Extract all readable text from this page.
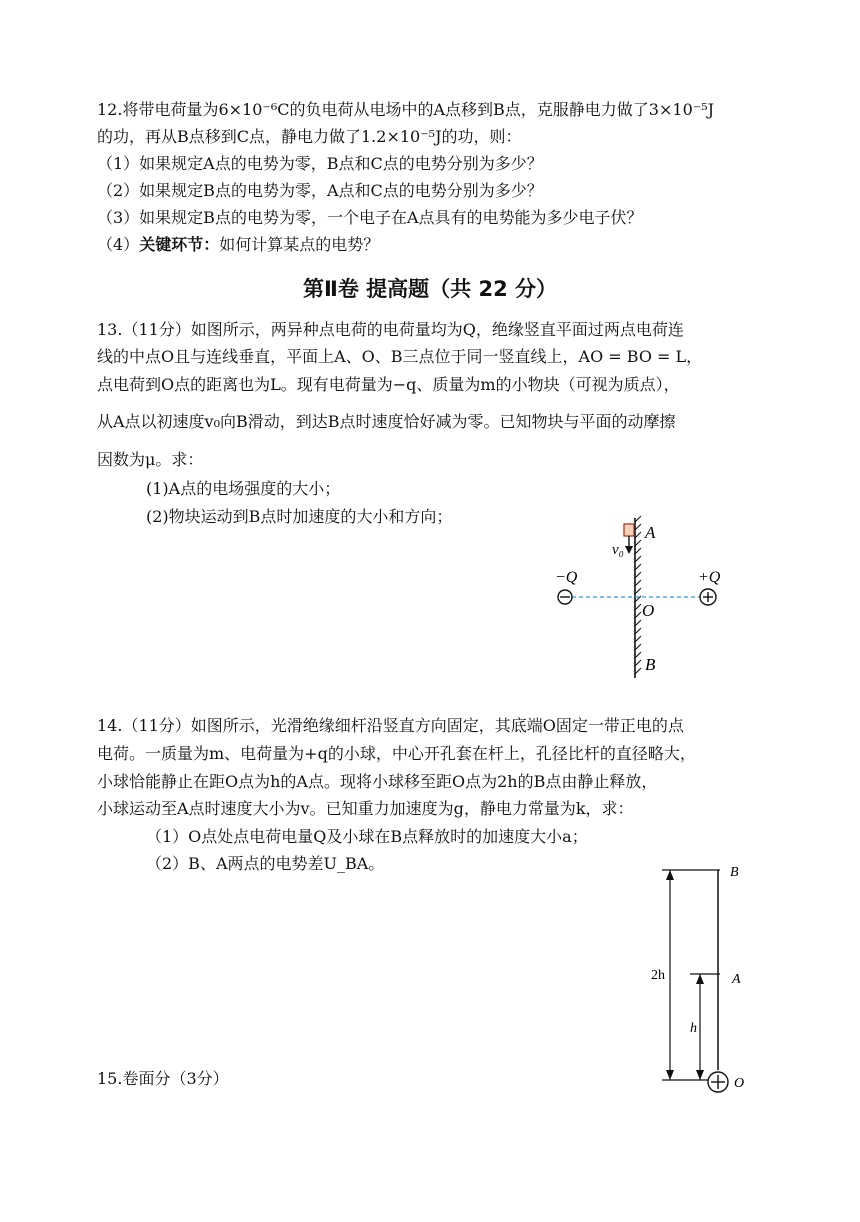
12.将带电荷量为6×10⁻⁶C的负电荷从电场中的A点移到B点，克服静电力做了3×10⁻⁵J
的功，再从B点移到C点，静电力做了1.2×10⁻⁵J的功，则：
（1）如果规定A点的电势为零，B点和C点的电势分别为多少？
（2）如果规定B点的电势为零，A点和C点的电势分别为多少？
（3）如果规定B点的电势为零，一个电子在A点具有的电势能为多少电子伏？
（4）关键环节：如何计算某点的电势？
第Ⅱ卷 提高题（共 22 分）
13.（11分）如图所示，两异种点电荷的电荷量均为Q，绝缘竖直平面过两点电荷连
线的中点O且与连线垂直，平面上A、O、B三点位于同一竖直线上，AO = BO = L，
点电荷到O点的距离也为L。现有电荷量为−q、质量为m的小物块（可视为质点），
从A点以初速度v₀向B滑动，到达B点时速度恰好减为零。已知物块与平面的动摩擦
因数为μ。求：
(1)A点的电场强度的大小；
(2)物块运动到B点时加速度的大小和方向；
A
v₀
−Q	+Q
O
B
14.（11分）如图所示，光滑绝缘细杆沿竖直方向固定，其底端O固定一带正电的点
电荷。一质量为m、电荷量为+q的小球，中心开孔套在杆上，孔径比杆的直径略大，
小球恰能静止在距O点为h的A点。现将小球移至距O点为2h的B点由静止释放，
小球运动至A点时速度大小为v。已知重力加速度为g，静电力常量为k，求：
（1）O点处点电荷电量Q及小球在B点释放时的加速度大小a；
（2）B、A两点的电势差U_BA。	B
A
O
2h
h
15.卷面分（3分）
